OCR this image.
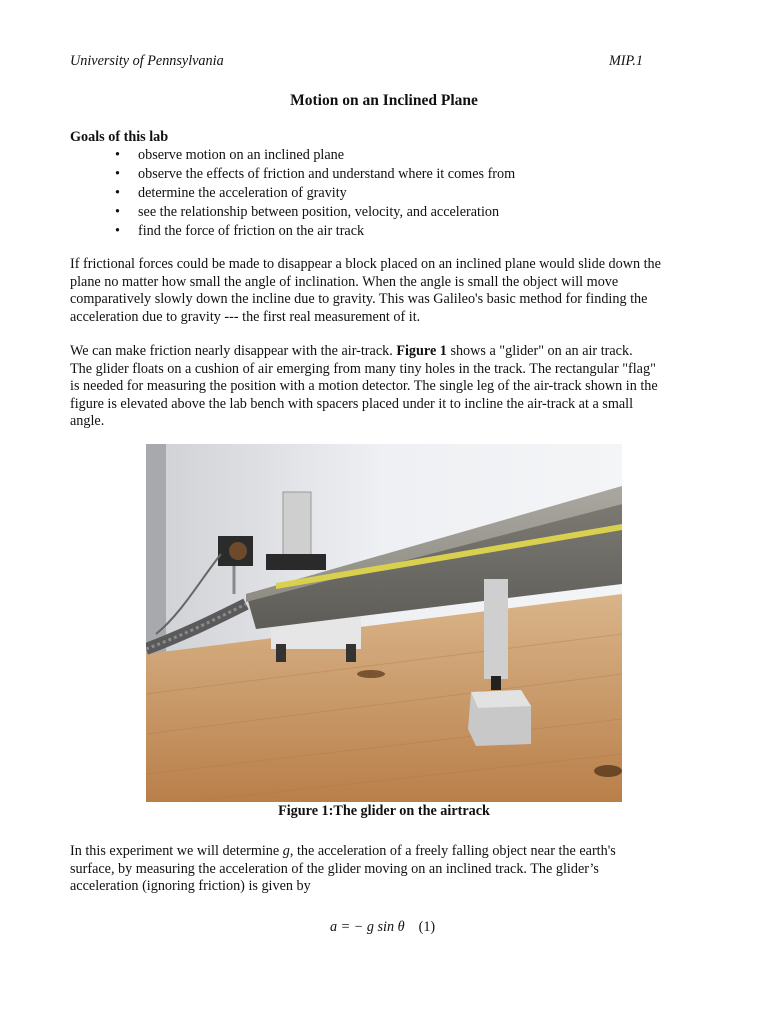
University of Pennsylvania	MIP.1
Motion on an Inclined Plane
Goals of this lab
• observe motion on an inclined plane
• observe the effects of friction and understand where it comes from
• determine the acceleration of gravity
• see the relationship between position, velocity, and acceleration
• find the force of friction on the air track
If frictional forces could be made to disappear a block placed on an inclined plane would slide down the
plane no matter how small the angle of inclination. When the angle is small the object will move
comparatively slowly down the incline due to gravity. This was Galileo's basic method for finding the
acceleration due to gravity --- the first real measurement of it.
We can make friction nearly disappear with the air-track. Figure 1 shows a "glider" on an air track.
The glider floats on a cushion of air emerging from many tiny holes in the track. The rectangular "flag"
is needed for measuring the position with a motion detector. The single leg of the air-track shown in the
figure is elevated above the lab bench with spacers placed under it to incline the air-track at a small
angle.
Figure 1:The glider on the airtrack
In this experiment we will determine g, the acceleration of a freely falling object near the earth's
surface, by measuring the acceleration of the glider moving on an inclined track. The glider’s
acceleration (ignoring friction) is given by
a = − g sin θ (1)
